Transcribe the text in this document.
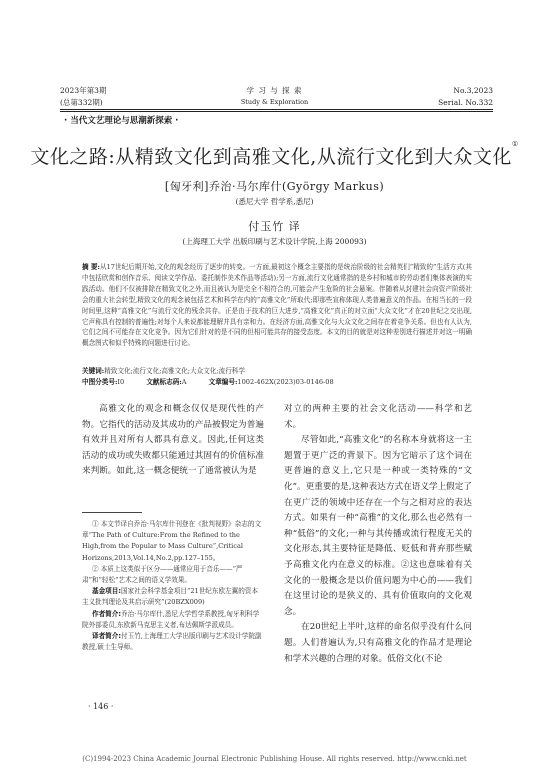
2023年第3期
(总第332期)
学 习 与 探 索
Study & Exploration
No.3,2023
Serial. No.332
· 当代文艺理论与思潮新探索 ·
文化之路:从精致文化到高雅文化,从流行文化到大众文化①
[匈牙利]乔治·马尔库什(György Markus)
(悉尼大学 哲学系,悉尼)
付玉竹 译
(上海理工大学 出版印刷与艺术设计学院,上海 200093)
摘 要:从17世纪后期开始,文化的观念经历了逐步的转变。一方面,最初这个概念主要指的是统治阶级的社会精英们“精致的”生活方式(其中包括欣赏和创作音乐、阅读文学作品、委托制作美术作品等活动);另一方面,流行文化通常指的是乡村和城市的劳动者们集体表演的实践活动。他们不仅被排除在精致文化之外,而且被认为是完全不相符合的,可能会产生危险的社会悬案。伴随着从封建社会向资产阶级社会的重大社会转型,精致文化的观念被包括艺术和科学在内的“高雅文化”所取代;即那些宣称体现人类普遍意义的作品。在相当长的一段时间里,这种“高雅文化”与流行文化的残余共存。正是由于技术的巨大进步,“高雅文化”真正的对立面“大众文化”才在20世纪之交出现,它声称具有控制的普遍性;对每个人来说都能理解并具有亲和力。在经济方面,高雅文化与大众文化之间存在着竞争关系。但也有人认为,它们之间不可能存在文化竞争。因为它们针对的是不同的但相可能共存的接受态度。本文的目的就是对这种差别进行描述并对这一明确概念图式和似乎特殊的问题进行讨论。
关键词:精致文化;流行文化;高雅文化;大众文化;流行科学
中图分类号:I0	文献标志码:A	文章编号:1002-462X(2023)03-0146-08

高雅文化的观念和概念仅仅是现代性的产物。它指代的活动及其成功的产品被假定为普遍有效并且对所有人都具有意义。因此,任何这类活动的成功或失败都只能通过其固有的价值标准来判断。如此,这一概念便统一了通常被认为是

① 本文节译自乔治·马尔库什刊登在《批判视野》杂志的文章“The Path of Culture:From the Refined to the High,from the Popular to Mass Culture”,Critical Horizons,2013,Vol.14,No.2,pp.127–155。

② 本质上这类似于区分——通常应用于音乐——“严肃”和“轻松”艺术之间的语义学效果。

基金项目:国家社会科学基金项目“21世纪东欧左翼的资本主义批判理论及其启示研究”(20BZX009)

作者简介:乔治·马尔库什,悉尼大学哲学系教授,匈牙利科学院外部委员,东欧新马克思主义者,布达佩斯学派成员。

译者简介:付玉竹,上海理工大学出版印刷与艺术设计学院副教授,硕士生导师。

对立的两种主要的社会文化活动——科学和艺术。

尽管如此,“高雅文化”的名称本身就将这一主题置于更广泛的背景下。因为它暗示了这个词在更普遍的意义上,它只是一种或一类特殊的“文化”。更重要的是,这种表达方式在语义学上假定了在更广泛的领域中还存在一个与之相对应的表达方式。如果有一种“高雅”的文化,那么也必然有一种“低俗”的文化;一种与其传播或流行程度无关的文化形态,其主要特征是降低、贬低和背弃那些赋予高雅文化内在意义的标准。②这也意味着有关文化的一般概念是以价值问题为中心的——我们在这里讨论的是狭义的、具有价值取向的文化观念。

在20世纪上半叶,这样的命名似乎没有什么问题。人们普遍认为,只有高雅文化的作品才是理论和学术兴趣的合理的对象。低俗文化(不论

· 146 ·
(C)1994-2023 China Academic Journal Electronic Publishing House. All rights reserved. http://www.cnki.net
